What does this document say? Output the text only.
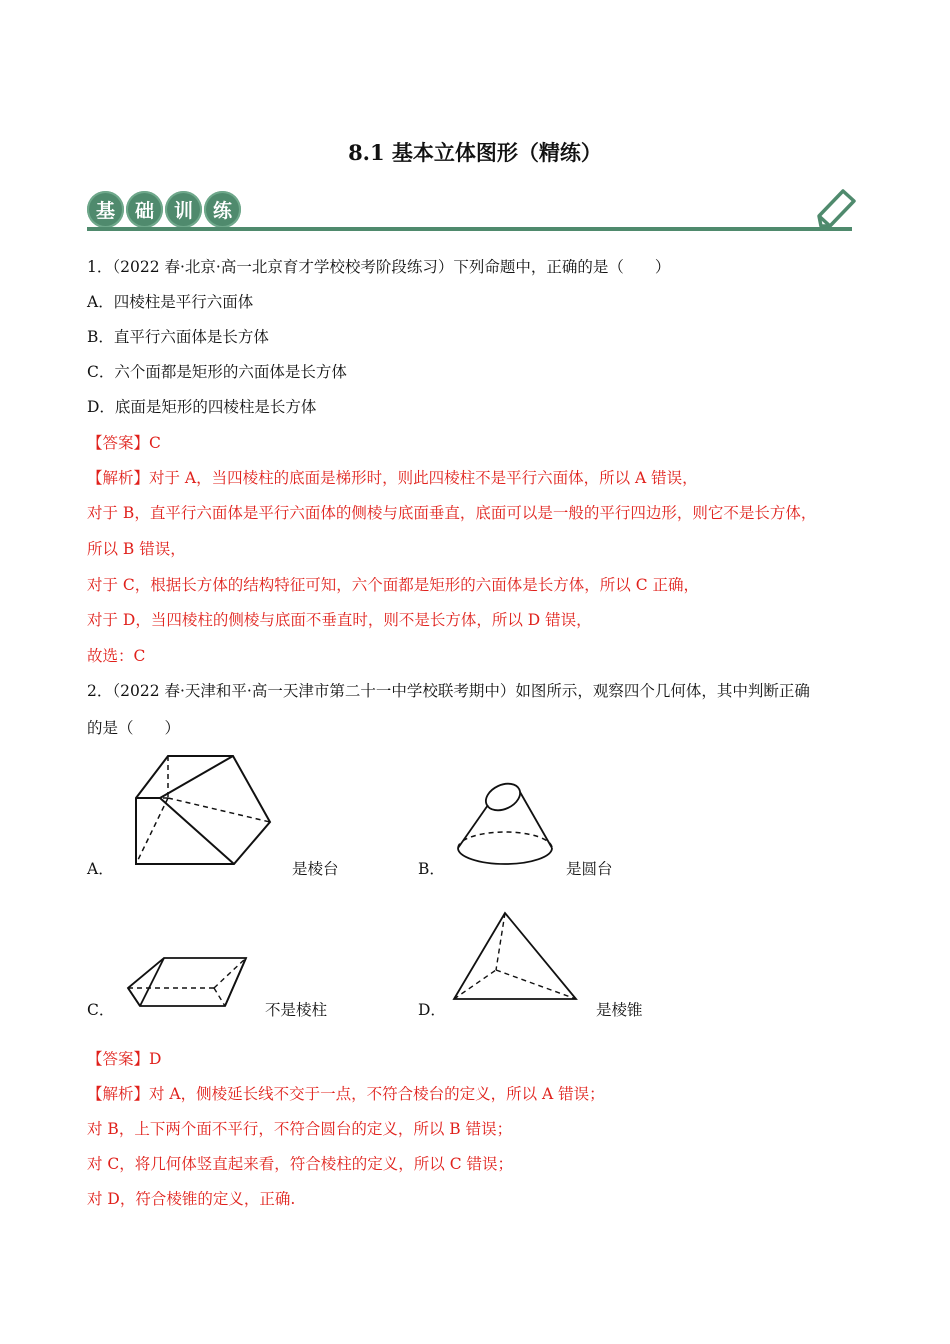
8.1 基本立体图形（精练）
基	础	训	练
1．（2022 春·北京·高一北京育才学校校考阶段练习）下列命题中，正确的是（　　）
A．四棱柱是平行六面体
B．直平行六面体是长方体
C．六个面都是矩形的六面体是长方体
D．底面是矩形的四棱柱是长方体
【答案】C
【解析】对于 A，当四棱柱的底面是梯形时，则此四棱柱不是平行六面体，所以 A 错误，
对于 B，直平行六面体是平行六面体的侧棱与底面垂直，底面可以是一般的平行四边形，则它不是长方体，
所以 B 错误，
对于 C，根据长方体的结构特征可知，六个面都是矩形的六面体是长方体，所以 C 正确，
对于 D，当四棱柱的侧棱与底面不垂直时，则不是长方体，所以 D 错误，
故选：C
2．（2022 春·天津和平·高一天津市第二十一中学校联考期中）如图所示，观察四个几何体，其中判断正确
的是（　　）
A．	是棱台	B．	是圆台
C．	不是棱柱	D．	是棱锥
【答案】D
【解析】对 A，侧棱延长线不交于一点，不符合棱台的定义，所以 A 错误；
对 B，上下两个面不平行，不符合圆台的定义，所以 B 错误；
对 C，将几何体竖直起来看，符合棱柱的定义，所以 C 错误；
对 D，符合棱锥的定义，正确.
